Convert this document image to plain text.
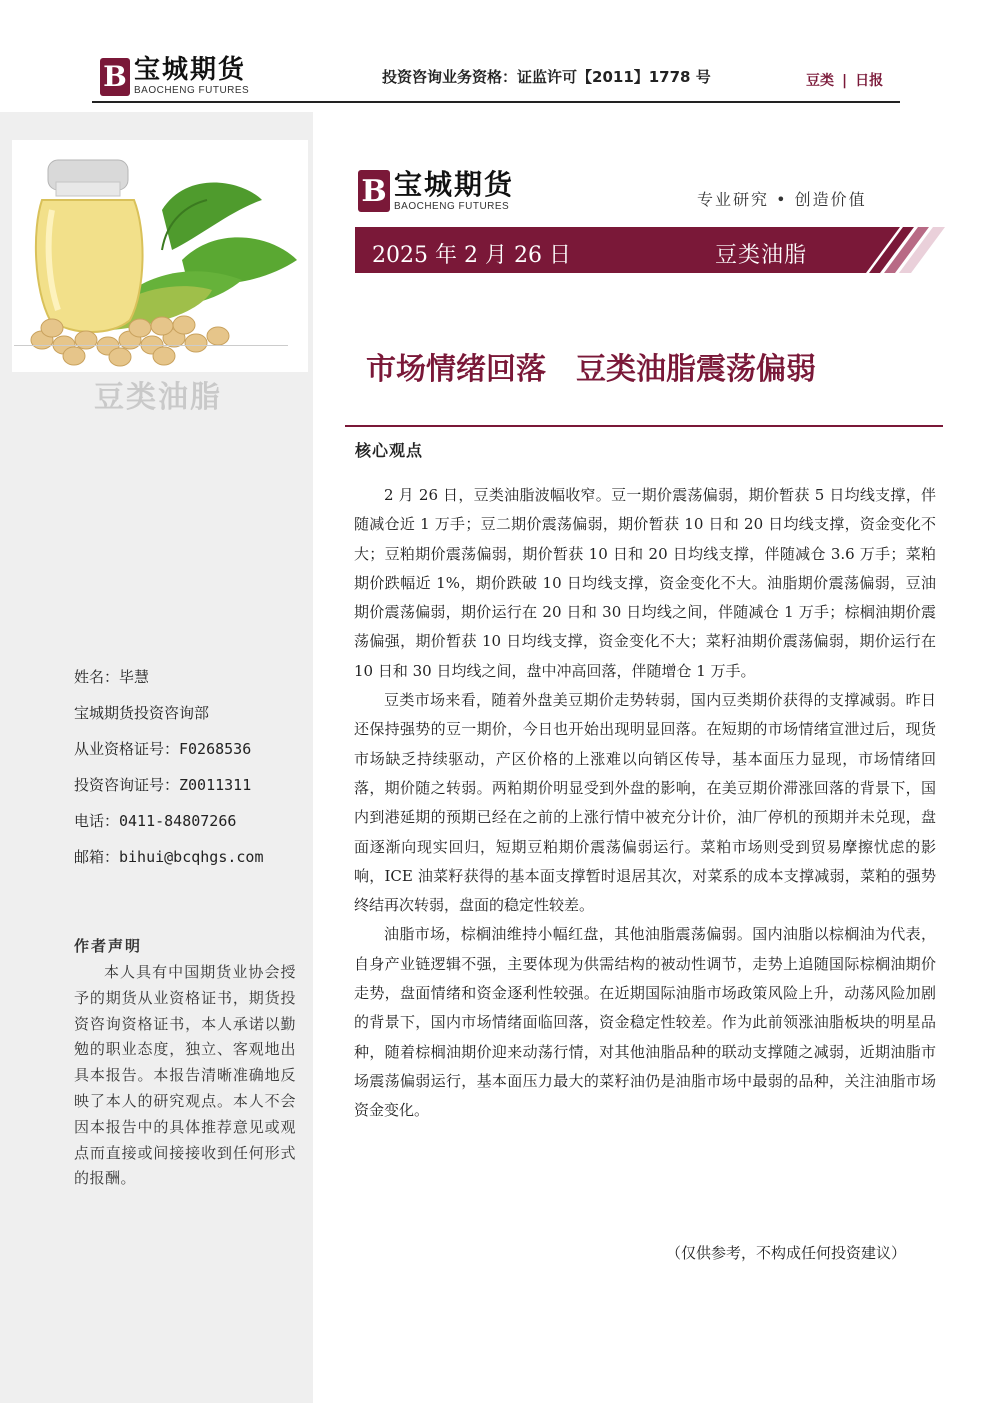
B 宝城期货
BAOCHENG FUTURES
投资咨询业务资格：证监许可【2011】1778 号	豆类 | 日报
豆类油脂
姓名：毕慧
宝城期货投资咨询部
从业资格证号：F0268536
投资咨询证号：Z0011311
电话：0411-84807266
邮箱：bihui@bcqhgs.com
作者声明
本人具有中国期货业协会授予的期货从业资格证书，期货投资咨询资格证书，本人承诺以勤勉的职业态度，独立、客观地出具本报告。本报告清晰准确地反映了本人的研究观点。本人不会因本报告中的具体推荐意见或观点而直接或间接接收到任何形式的报酬。
B 宝城期货
BAOCHENG FUTURES	专业研究 • 创造价值
2025 年 2 月 26 日	豆类油脂
市场情绪回落　豆类油脂震荡偏弱
核心观点

2 月 26 日，豆类油脂波幅收窄。豆一期价震荡偏弱，期价暂获 5 日均线支撑，伴随减仓近 1 万手；豆二期价震荡偏弱，期价暂获 10 日和 20 日均线支撑，资金变化不大；豆粕期价震荡偏弱，期价暂获 10 日和 20 日均线支撑，伴随减仓 3.6 万手；菜粕期价跌幅近 1%，期价跌破 10 日均线支撑，资金变化不大。油脂期价震荡偏弱，豆油期价震荡偏弱，期价运行在 20 日和 30 日均线之间，伴随减仓 1 万手；棕榈油期价震荡偏强，期价暂获 10 日均线支撑，资金变化不大；菜籽油期价震荡偏弱，期价运行在 10 日和 30 日均线之间，盘中冲高回落，伴随增仓 1 万手。

豆类市场来看，随着外盘美豆期价走势转弱，国内豆类期价获得的支撑减弱。昨日还保持强势的豆一期价，今日也开始出现明显回落。在短期的市场情绪宣泄过后，现货市场缺乏持续驱动，产区价格的上涨难以向销区传导，基本面压力显现，市场情绪回落，期价随之转弱。两粕期价明显受到外盘的影响，在美豆期价滞涨回落的背景下，国内到港延期的预期已经在之前的上涨行情中被充分计价，油厂停机的预期并未兑现，盘面逐渐向现实回归，短期豆粕期价震荡偏弱运行。菜粕市场则受到贸易摩擦忧虑的影响，ICE 油菜籽获得的基本面支撑暂时退居其次，对菜系的成本支撑减弱，菜粕的强势终结再次转弱，盘面的稳定性较差。

油脂市场，棕榈油维持小幅红盘，其他油脂震荡偏弱。国内油脂以棕榈油为代表，自身产业链逻辑不强，主要体现为供需结构的被动性调节，走势上追随国际棕榈油期价走势，盘面情绪和资金逐利性较强。在近期国际油脂市场政策风险上升，动荡风险加剧的背景下，国内市场情绪面临回落，资金稳定性较差。作为此前领涨油脂板块的明星品种，随着棕榈油期价迎来动荡行情，对其他油脂品种的联动支撑随之减弱，近期油脂市场震荡偏弱运行，基本面压力最大的菜籽油仍是油脂市场中最弱的品种，关注油脂市场资金变化。

（仅供参考，不构成任何投资建议）
